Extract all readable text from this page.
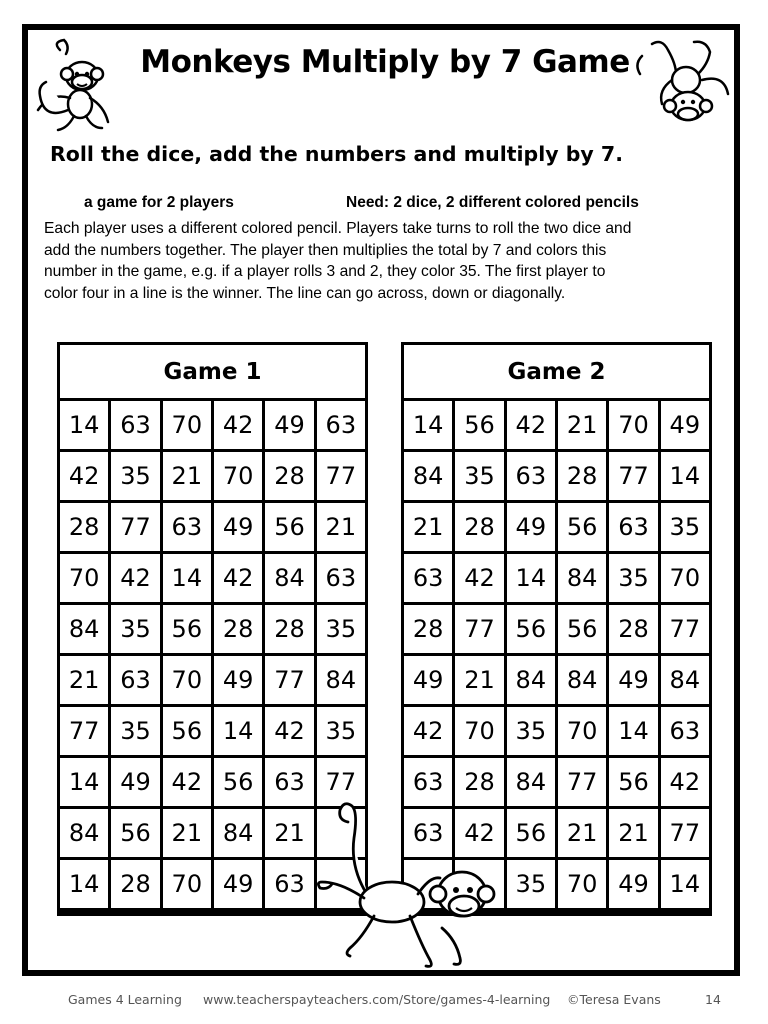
Monkeys Multiply by 7 Game
Roll the dice, add the numbers and multiply by 7.
a game for 2 players	Need: 2 dice, 2 different colored pencils

Each player uses a different colored pencil. Players take turns to roll the two dice and

add the numbers together. The player then multiplies the total by 7 and colors this

number in the game, e.g. if a player rolls 3 and 2, they color 35. The first player to

color four in a line is the winner. The line can go across, down or diagonally.

Game 1
14 63 70 42 49 63
42 35 21 70 28 77
28 77 63 49 56 21
70 42 14 42 84 63
84 35 56 28 28 35
21 63 70 49 77 84
77 35 56 14 42 35
14 49 42 56 63 77
84 56 21 84 21
14 28 70 49 63
Game 2
14 56 42 21 70 49
84 35 63 28 77 14
21 28 49 56 63 35
63 42 14 84 35 70
28 77 56 56 28 77
49 21 84 84 49 84
42 70 35 70 14 63
63 28 84 77 56 42
63 42 56 21 21 77
35 70 49 14
Games 4 Learning www.teacherspayteachers.com/Store/games-4-learning ©Teresa Evans	14
